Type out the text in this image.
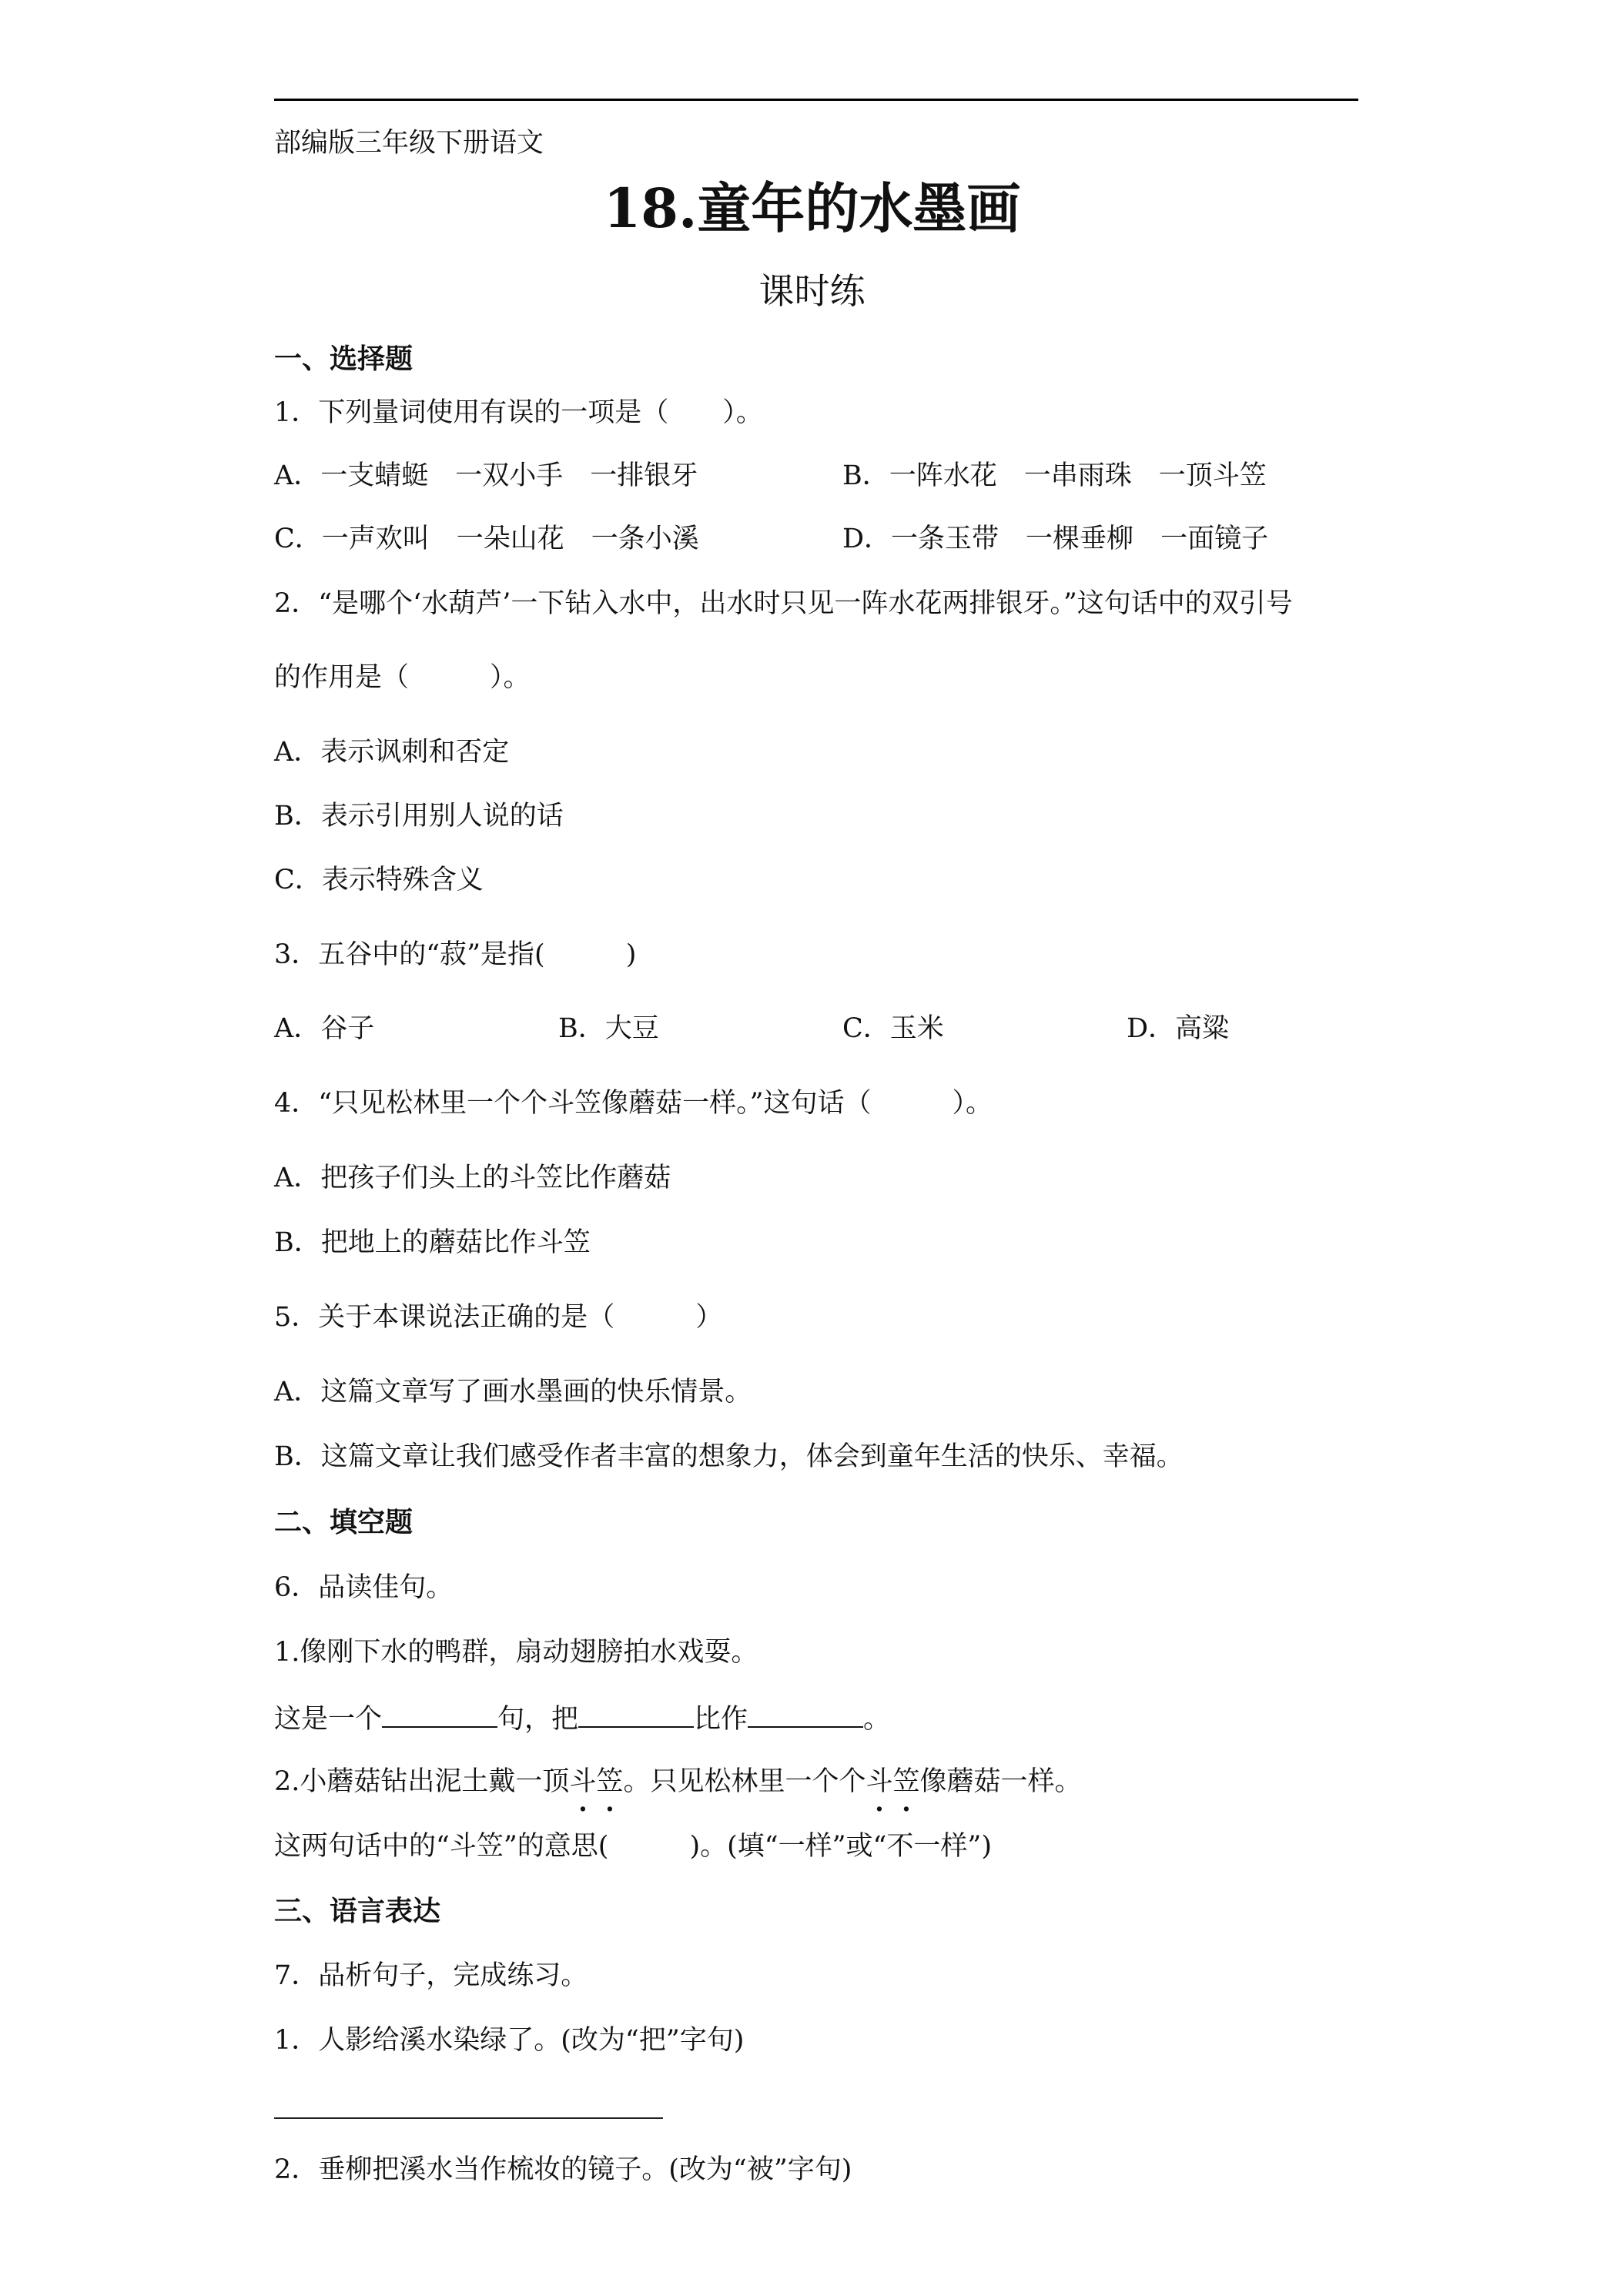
部编版三年级下册语文
18.童年的水墨画
课时练
一、选择题
1．下列量词使用有误的一项是（　　）。
A．一支蜻蜓　一双小手　一排银牙	B．一阵水花　一串雨珠　一顶斗笠
C．一声欢叫　一朵山花　一条小溪	D．一条玉带　一棵垂柳　一面镜子
2．“是哪个‘水葫芦’一下钻入水中，出水时只见一阵水花两排银牙。”这句话中的双引号
的作用是（　　　）。
A．表示讽刺和否定
B．表示引用别人说的话
C．表示特殊含义
3．五谷中的“菽”是指(　　　)
A．谷子	B．大豆	C．玉米	D．高粱
4．“只见松林里一个个斗笠像蘑菇一样。”这句话（　　　）。
A．把孩子们头上的斗笠比作蘑菇
B．把地上的蘑菇比作斗笠
5．关于本课说法正确的是（　　　）
A．这篇文章写了画水墨画的快乐情景。
B．这篇文章让我们感受作者丰富的想象力，体会到童年生活的快乐、幸福。
二、填空题
6．品读佳句。
1.像刚下水的鸭群，扇动翅膀拍水戏耍。
这是一个	句，把	比作	。
2.小蘑菇钻出泥土戴一顶斗笠。只见松林里一个个斗笠像蘑菇一样。
这两句话中的“斗笠”的意思(　　　)。(填“一样”或“不一样”)
三、语言表达
7．品析句子，完成练习。
1．人影给溪水染绿了。(改为“把”字句)
2．垂柳把溪水当作梳妆的镜子。(改为“被”字句)
